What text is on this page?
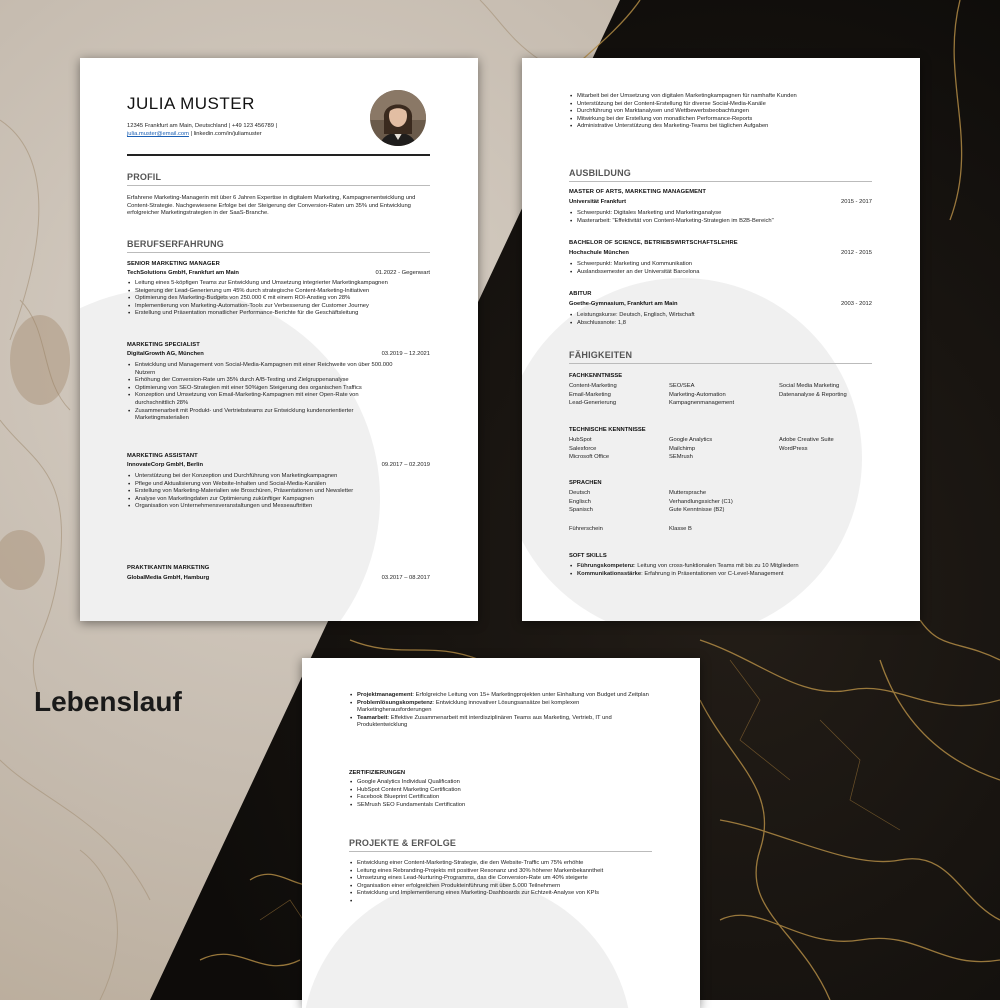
Lebenslauf
JULIA MUSTER
12345 Frankfurt am Main, Deutschland | +49 123 456789 |
julia.muster@email.com | linkedin.com/in/juliamuster
PROFIL
Erfahrene Marketing-Managerin mit über 6 Jahren Expertise in digitalem Marketing, Kampagnenentwicklung und Content-Strategie. Nachgewiesene Erfolge bei der Steigerung der Conversion-Raten um 35% und Entwicklung erfolgreicher Marketingstrategien in der SaaS-Branche.
BERUFSERFAHRUNG
SENIOR MARKETING MANAGER
TechSolutions GmbH, Frankfurt am Main	01.2022 - Gegenwart
• Leitung eines 5-köpfigen Teams zur Entwicklung und Umsetzung integrierter Marketingkampagnen
• Steigerung der Lead-Generierung um 45% durch strategische Content-Marketing-Initiativen
• Optimierung des Marketing-Budgets von 250.000 € mit einem ROI-Anstieg von 28%
• Implementierung von Marketing-Automation-Tools zur Verbesserung der Customer Journey
• Erstellung und Präsentation monatlicher Performance-Berichte für die Geschäftsleitung
MARKETING SPECIALIST
DigitalGrowth AG, München	03.2019 – 12.2021
• Entwicklung und Management von Social-Media-Kampagnen mit einer Reichweite von über 500.000 Nutzern
• Erhöhung der Conversion-Rate um 35% durch A/B-Testing und Zielgruppenanalyse
• Optimierung von SEO-Strategien mit einer 50%igen Steigerung des organischen Traffics
• Konzeption und Umsetzung von Email-Marketing-Kampagnen mit einer Open-Rate von durchschnittlich 28%
• Zusammenarbeit mit Produkt- und Vertriebsteams zur Entwicklung kundenorientierter Marketingmaterialien
MARKETING ASSISTANT
InnovateCorp GmbH, Berlin	09.2017 – 02.2019
• Unterstützung bei der Konzeption und Durchführung von Marketingkampagnen
• Pflege und Aktualisierung von Website-Inhalten und Social-Media-Kanälen
• Erstellung von Marketing-Materialien wie Broschüren, Präsentationen und Newsletter
• Analyse von Marketingdaten zur Optimierung zukünftiger Kampagnen
• Organisation von Unternehmensveranstaltungen und Messeauftritten
PRAKTIKANTIN MARKETING
GlobalMedia GmbH, Hamburg	03.2017 – 08.2017
• Mitarbeit bei der Umsetzung von digitalen Marketingkampagnen für namhafte Kunden
• Unterstützung bei der Content-Erstellung für diverse Social-Media-Kanäle
• Durchführung von Marktanalysen und Wettbewerbsbeobachtungen
• Mitwirkung bei der Erstellung von monatlichen Performance-Reports
• Administrative Unterstützung des Marketing-Teams bei täglichen Aufgaben
AUSBILDUNG
MASTER OF ARTS, MARKETING MANAGEMENT
Universität Frankfurt	2015 - 2017
• Schwerpunkt: Digitales Marketing und Marketinganalyse
• Masterarbeit: "Effektivität von Content-Marketing-Strategien im B2B-Bereich"
BACHELOR OF SCIENCE, BETRIEBSWIRTSCHAFTSLEHRE
Hochschule München	2012 - 2015
• Schwerpunkt: Marketing und Kommunikation
• Auslandssemester an der Universität Barcelona
ABITUR
Goethe-Gymnasium, Frankfurt am Main	2003 - 2012
• Leistungskurse: Deutsch, Englisch, Wirtschaft
• Abschlussnote: 1,8
FÄHIGKEITEN
FACHKENNTNISSE
Content-Marketing	SEO/SEA	Social Media Marketing
Email-Marketing	Marketing-Automation	Datenanalyse & Reporting
Lead-Generierung	Kampagnenmanagement
TECHNISCHE KENNTNISSE
HubSpot	Google Analytics	Adobe Creative Suite
Salesforce	Mailchimp	WordPress
Microsoft Office	SEMrush
SPRACHEN
Deutsch	Muttersprache
Englisch	Verhandlungssicher (C1)
Spanisch	Gute Kenntnisse (B2)
Führerschein	Klasse B
SOFT SKILLS
• Führungskompetenz: Leitung von cross-funktionalen Teams mit bis zu 10 Mitgliedern
• Kommunikationsstärke: Erfahrung in Präsentationen vor C-Level-Management
• Projektmanagement: Erfolgreiche Leitung von 15+ Marketingprojekten unter Einhaltung von Budget und Zeitplan
• Problemlösungskompetenz: Entwicklung innovativer Lösungsansätze bei komplexen Marketingherausforderungen
• Teamarbeit: Effektive Zusammenarbeit mit interdisziplinären Teams aus Marketing, Vertrieb, IT und Produktentwicklung
ZERTIFIZIERUNGEN
• Google Analytics Individual Qualification
• HubSpot Content Marketing Certification
• Facebook Blueprint Certification
• SEMrush SEO Fundamentals Certification
PROJEKTE & ERFOLGE
• Entwicklung einer Content-Marketing-Strategie, die den Website-Traffic um 75% erhöhte
• Leitung eines Rebranding-Projekts mit positiver Resonanz und 30% höherer Markenbekanntheit
• Umsetzung eines Lead-Nurturing-Programms, das die Conversion-Rate um 40% steigerte
• Organisation einer erfolgreichen Produkteinführung mit über 5.000 Teilnehmern
• Entwicklung und Implementierung eines Marketing-Dashboards zur Echtzeit-Analyse von KPIs
